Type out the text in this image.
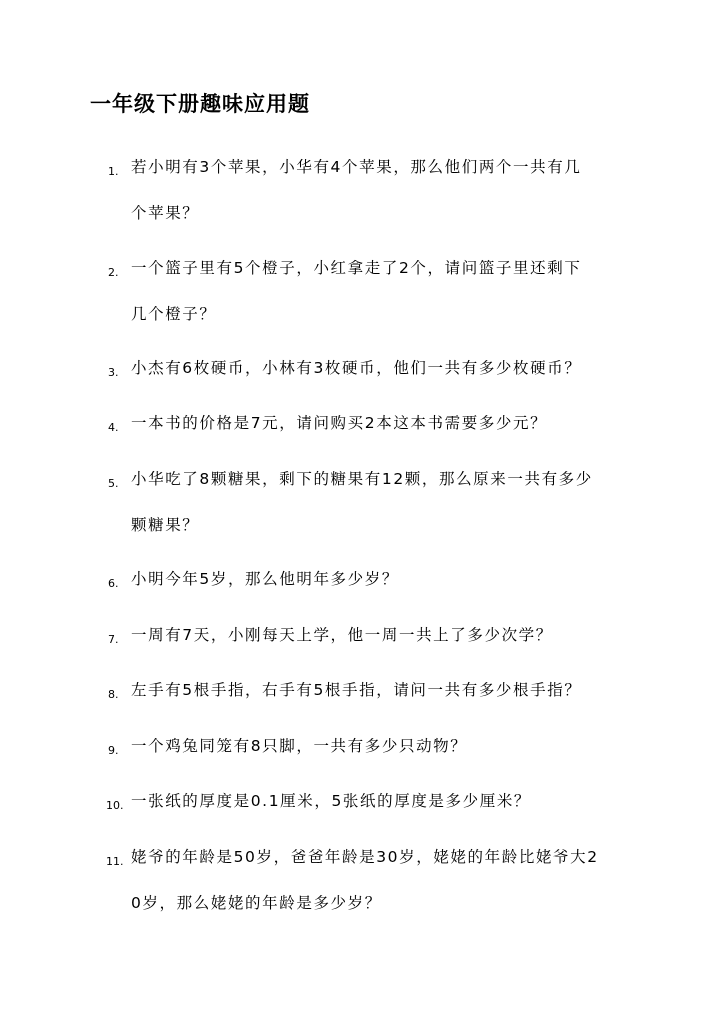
一年级下册趣味应用题
1. 若小明有3个苹果，小华有4个苹果，那么他们两个一共有几
个苹果？
2. 一个篮子里有5个橙子，小红拿走了2个，请问篮子里还剩下
几个橙子？
3. 小杰有6枚硬币，小林有3枚硬币，他们一共有多少枚硬币？
4. 一本书的价格是7元，请问购买2本这本书需要多少元？
5. 小华吃了8颗糖果，剩下的糖果有12颗，那么原来一共有多少
颗糖果？
6. 小明今年5岁，那么他明年多少岁？
7. 一周有7天，小刚每天上学，他一周一共上了多少次学？
8. 左手有5根手指，右手有5根手指，请问一共有多少根手指？
9. 一个鸡兔同笼有8只脚，一共有多少只动物？
10. 一张纸的厚度是0.1厘米，5张纸的厚度是多少厘米？
11. 姥爷的年龄是50岁，爸爸年龄是30岁，姥姥的年龄比姥爷大2
0岁，那么姥姥的年龄是多少岁？
